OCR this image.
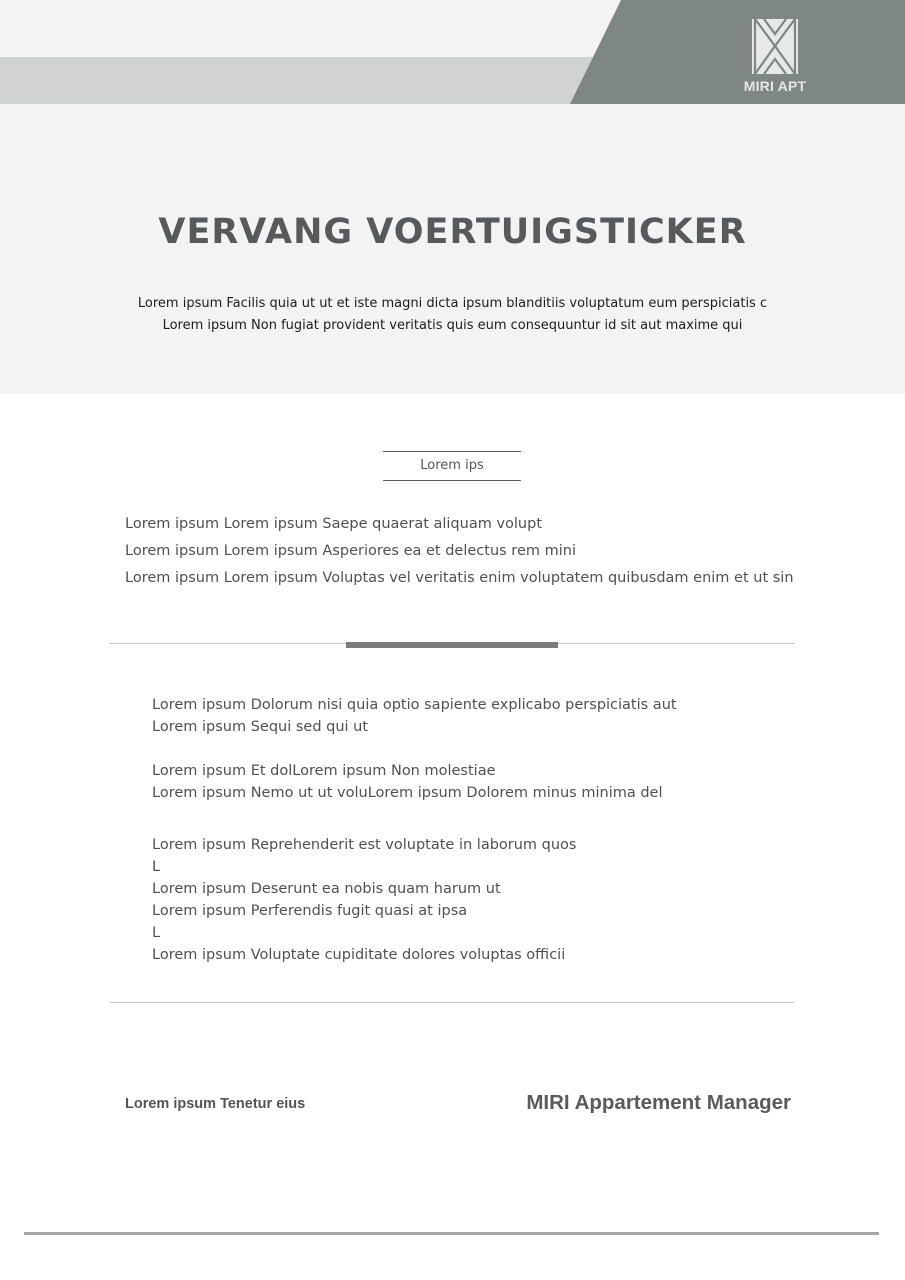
MIRI APT
VERVANG VOERTUIGSTICKER
Lorem ipsum Facilis quia ut ut et iste magni dicta ipsum blanditiis voluptatum eum perspiciatis c
Lorem ipsum Non fugiat provident veritatis quis eum consequuntur id sit aut maxime qui
Lorem ips
Lorem ipsum Lorem ipsum Saepe quaerat aliquam volupt
Lorem ipsum Lorem ipsum Asperiores ea et delectus rem mini
Lorem ipsum Lorem ipsum Voluptas vel veritatis enim voluptatem quibusdam enim et ut sin
Lorem ipsum Dolorum nisi quia optio sapiente explicabo perspiciatis aut
Lorem ipsum Sequi sed qui ut
Lorem ipsum Et dolLorem ipsum Non molestiae
Lorem ipsum Nemo ut ut voluLorem ipsum Dolorem minus minima del
Lorem ipsum Reprehenderit est voluptate in laborum quos
L
Lorem ipsum Deserunt ea nobis quam harum ut
Lorem ipsum Perferendis fugit quasi at ipsa
L
Lorem ipsum Voluptate cupiditate dolores voluptas officii
Lorem ipsum Tenetur eius	MIRI Appartement Manager
